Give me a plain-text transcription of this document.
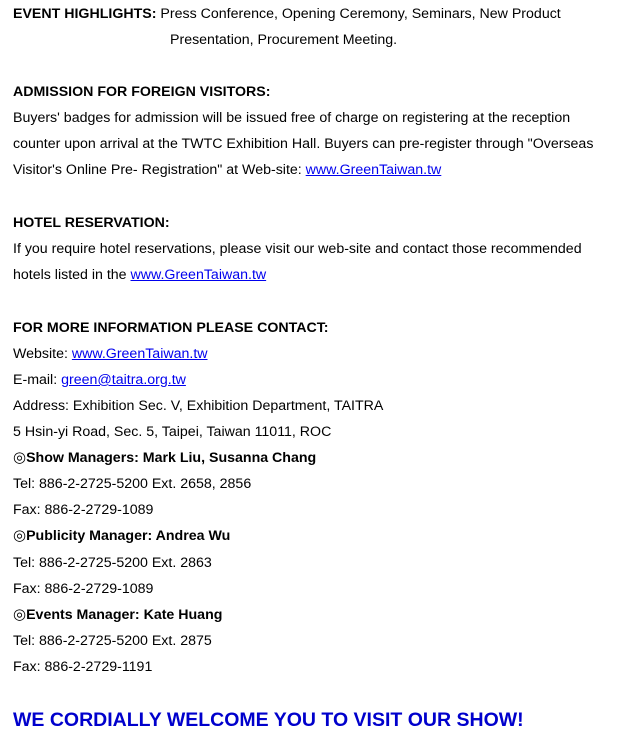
EVENT HIGHLIGHTS: Press Conference, Opening Ceremony, Seminars, New Product
Presentation, Procurement Meeting.
ADMISSION FOR FOREIGN VISITORS:
Buyers' badges for admission will be issued free of charge on registering at the reception
counter upon arrival at the TWTC Exhibition Hall. Buyers can pre-register through "Overseas
Visitor's Online Pre- Registration" at Web-site: www.GreenTaiwan.tw
HOTEL RESERVATION:
If you require hotel reservations, please visit our web-site and contact those recommended
hotels listed in the www.GreenTaiwan.tw
FOR MORE INFORMATION PLEASE CONTACT:
Website: www.GreenTaiwan.tw
E-mail: green@taitra.org.tw
Address: Exhibition Sec. V, Exhibition Department, TAITRA
5 Hsin-yi Road, Sec. 5, Taipei, Taiwan 11011, ROC
◎Show Managers: Mark Liu, Susanna Chang
Tel: 886-2-2725-5200 Ext. 2658, 2856
Fax: 886-2-2729-1089
◎Publicity Manager: Andrea Wu
Tel: 886-2-2725-5200 Ext. 2863
Fax: 886-2-2729-1089
◎Events Manager: Kate Huang
Tel: 886-2-2725-5200 Ext. 2875
Fax: 886-2-2729-1191
WE CORDIALLY WELCOME YOU TO VISIT OUR SHOW!
